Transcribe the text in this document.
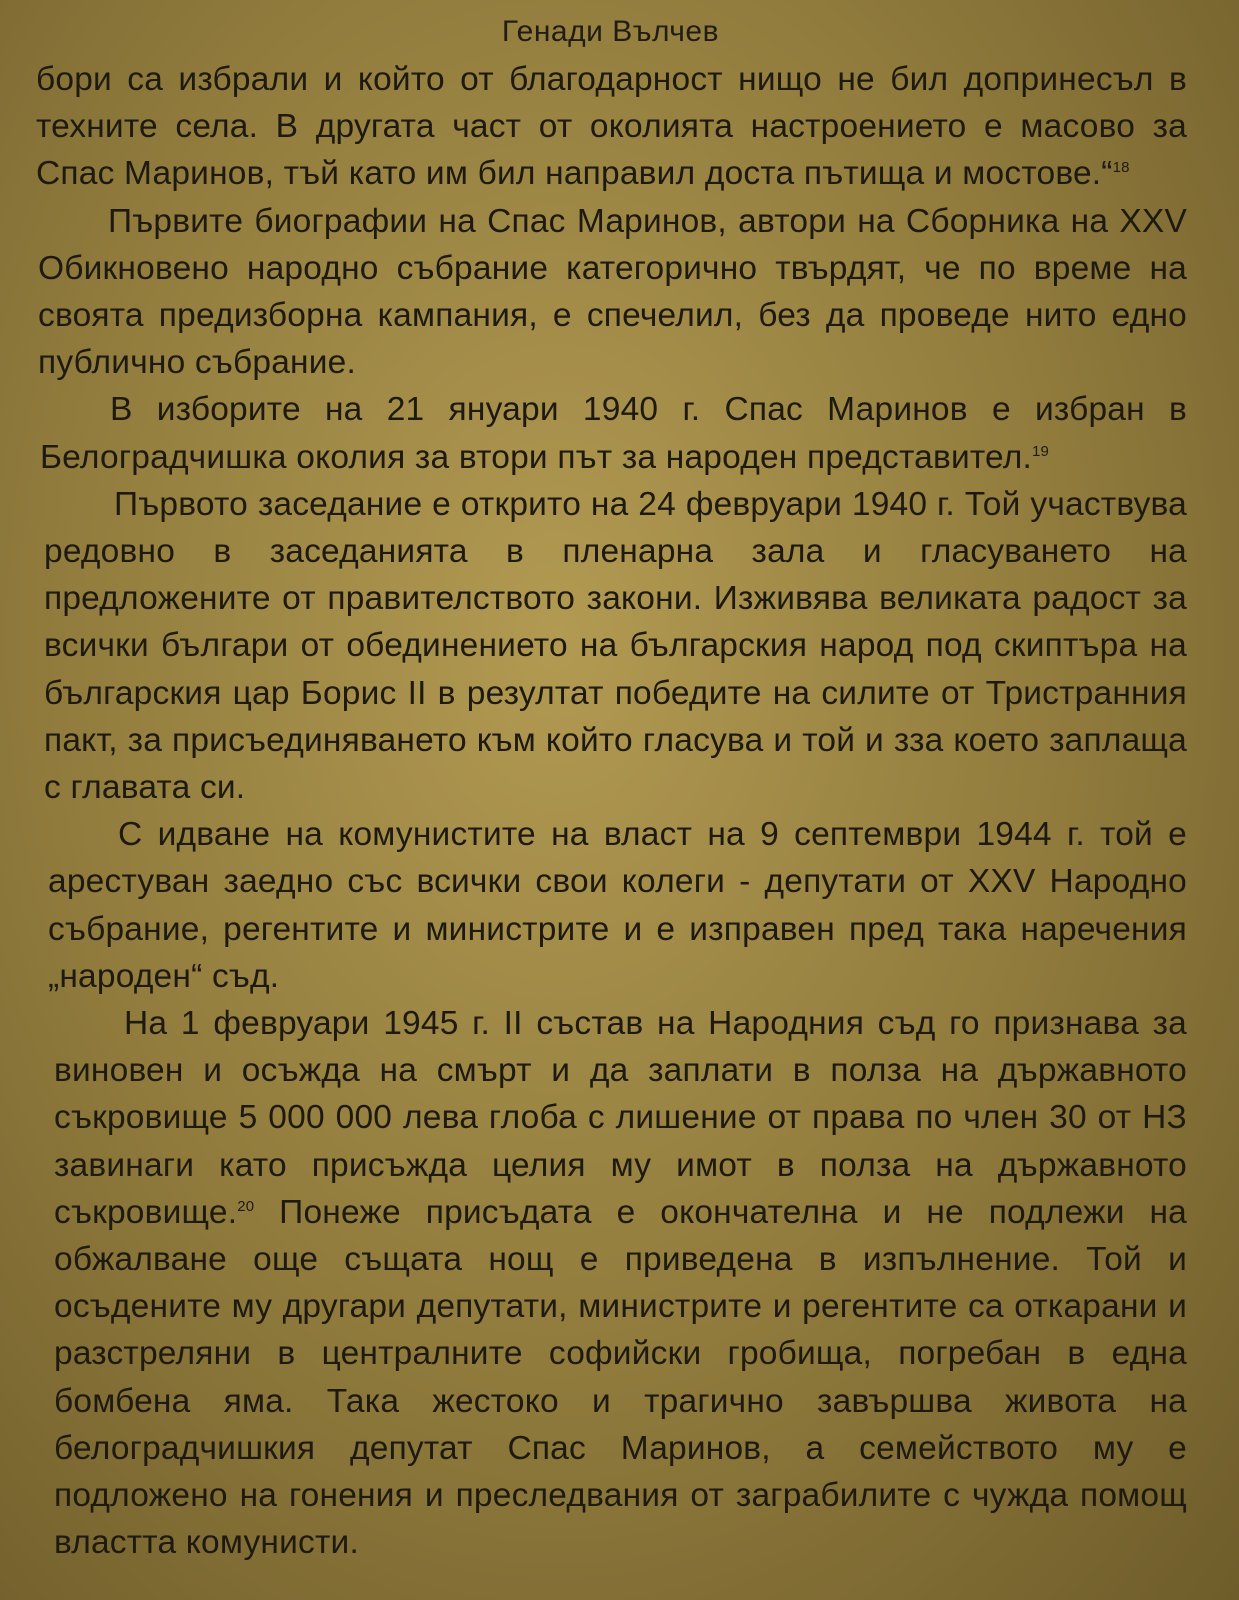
Генади Вълчев

бори са избрали и който от благодарност нищо не бил допринесъл в техните села. В другата част от околията настроението е масово за Спас Маринов, тъй като им бил направил доста пътища и мостове.“$^{18}$

Първите биографии на Спас Маринов, автори на Сборника на XXV Обикновено народно събрание категорично твърдят, че по време на своята предизборна кампания, е спечелил, без да проведе нито едно публично събрание.

В изборите на 21 януари 1940 г. Спас Маринов е избран в Белоградчишка околия за втори път за народен представител.$^{19}$

Първото заседание е открито на 24 февруари 1940 г. Той участвува редовно в заседанията в пленарна зала и гласуването на предложените от правителството закони. Изживява великата радост за всички българи от обединението на българския народ под скиптъра на българския цар Борис II в резултат победите на силите от Тристранния пакт, за присъединяването към който гласува и той и зза което заплаща с главата си.

С идване на комунистите на власт на 9 септември 1944 г. той е арестуван заедно със всички свои колеги - депутати от XXV Народно събрание, регентите и министрите и е изправен пред така наречения „народен“ съд.

На 1 февруари 1945 г. II състав на Народния съд го признава за виновен и осъжда на смърт и да заплати в полза на държавното съкровище 5 000 000 лева глоба с лишение от права по член 30 от НЗ завинаги като присъжда целия му имот в полза на държавното съкровище.$^{20}$ Понеже присъдата е окончателна и не подлежи на обжалване още същата нощ е приведена в изпълнение. Той и осъдените му другари депутати, министрите и регентите са откарани и разстреляни в централните софийски гробища, погребан в една бомбена яма. Така жестоко и трагично завършва живота на белоградчишкия депутат Спас Маринов, а семейството му е подложено на гонения и преследвания от заграбилите с чужда помощ властта комунисти.
